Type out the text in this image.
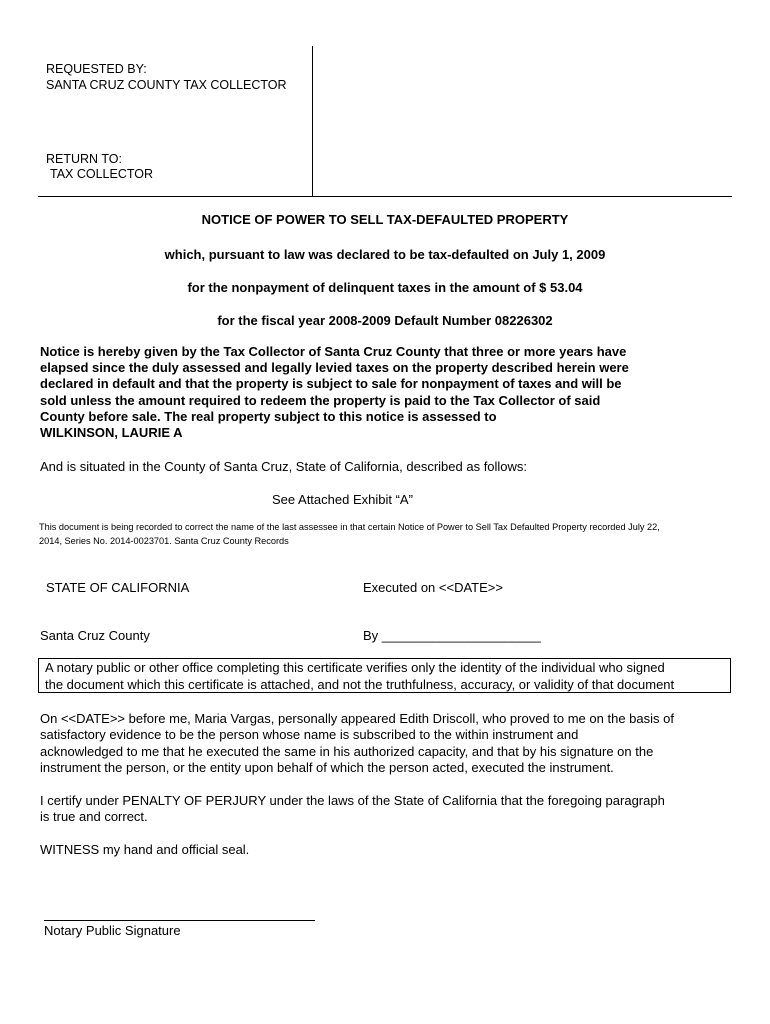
REQUESTED BY:
SANTA CRUZ COUNTY TAX COLLECTOR
RETURN TO:
TAX COLLECTOR
NOTICE OF POWER TO SELL TAX-DEFAULTED PROPERTY
which, pursuant to law was declared to be tax-defaulted on July 1, 2009
for the nonpayment of delinquent taxes in the amount of $ 53.04
for the fiscal year 2008-2009 Default Number 08226302
Notice is hereby given by the Tax Collector of Santa Cruz County that three or more years have
elapsed since the duly assessed and legally levied taxes on the property described herein were
declared in default and that the property is subject to sale for nonpayment of taxes and will be
sold unless the amount required to redeem the property is paid to the Tax Collector of said
County before sale. The real property subject to this notice is assessed to
WILKINSON, LAURIE A
And is situated in the County of Santa Cruz, State of California, described as follows:
See Attached Exhibit “A”
This document is being recorded to correct the name of the last assessee in that certain Notice of Power to Sell Tax Defaulted Property recorded July 22,
2014, Series No. 2014-0023701. Santa Cruz County Records
STATE OF CALIFORNIA	Executed on <<DATE>>
Santa Cruz County	By ______________________
A notary public or other office completing this certificate verifies only the identity of the individual who signed
the document which this certificate is attached, and not the truthfulness, accuracy, or validity of that document
On <<DATE>> before me, Maria Vargas, personally appeared Edith Driscoll, who proved to me on the basis of
satisfactory evidence to be the person whose name is subscribed to the within instrument and
acknowledged to me that he executed the same in his authorized capacity, and that by his signature on the
instrument the person, or the entity upon behalf of which the person acted, executed the instrument.
I certify under PENALTY OF PERJURY under the laws of the State of California that the foregoing paragraph
is true and correct.
WITNESS my hand and official seal.
Notary Public Signature
